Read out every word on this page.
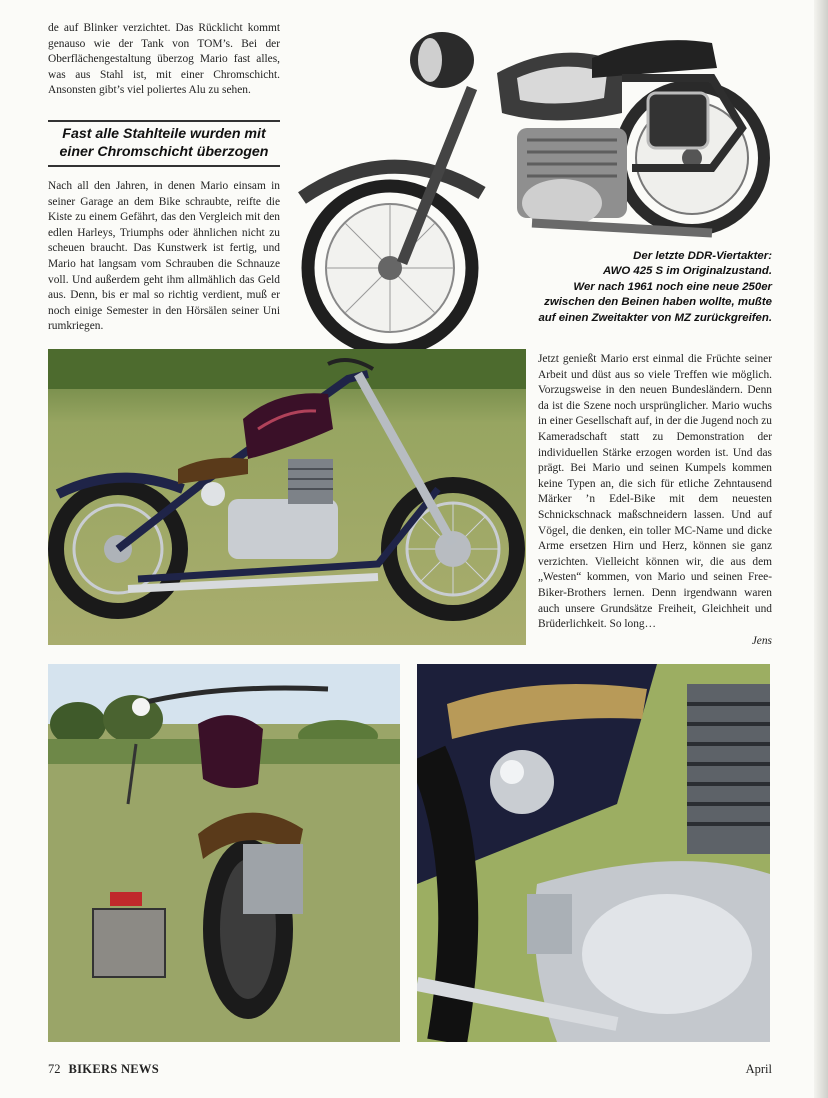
de auf Blinker verzichtet. Das Rücklicht kommt genauso wie der Tank von TOM’s. Bei der Oberflächengestaltung überzog Mario fast alles, was aus Stahl ist, mit einer Chromschicht. Ansonsten gibt’s viel poliertes Alu zu sehen.
Fast alle Stahlteile wurden mit
einer Chromschicht überzogen
Nach all den Jahren, in denen Mario einsam in seiner Garage an dem Bike schraubte, reifte die Kiste zu einem Gefährt, das den Vergleich mit den edlen Harleys, Triumphs oder ähnlichen nicht zu scheuen braucht. Das Kunstwerk ist fertig, und Mario hat langsam vom Schrauben die Schnauze voll. Und außerdem geht ihm allmählich das Geld aus. Denn, bis er mal so richtig verdient, muß er noch einige Semester in den Hörsälen seiner Uni rumkriegen.
Der letzte DDR-Viertakter:
AWO 425 S im Originalzustand.
Wer nach 1961 noch eine neue 250er
zwischen den Beinen haben wollte, mußte
auf einen Zweitakter von MZ zurückgreifen.
Jetzt genießt Mario erst einmal die Früchte seiner Arbeit und düst aus so viele Treffen wie möglich. Vorzugsweise in den neuen Bundesländern. Denn da ist die Szene noch ursprünglicher. Mario wuchs in einer Gesellschaft auf, in der die Jugend noch zu Kameradschaft statt zu Demonstration der individuellen Stärke erzogen worden ist. Und das prägt. Bei Mario und seinen Kumpels kommen keine Typen an, die sich für etliche Zehntausend Märker ’n Edel-Bike mit dem neuesten Schnickschnack maßschneidern lassen. Und auf Vögel, die denken, ein toller MC-Name und dicke Arme ersetzen Hirn und Herz, können sie ganz verzichten. Vielleicht können wir, die aus dem „Westen“ kommen, von Mario und seinen Free-Biker-Brothers lernen. Denn irgendwann waren auch unsere Grundsätze Freiheit, Gleichheit und Brüderlichkeit. So long…
Jens
72 BIKERS NEWS	April
